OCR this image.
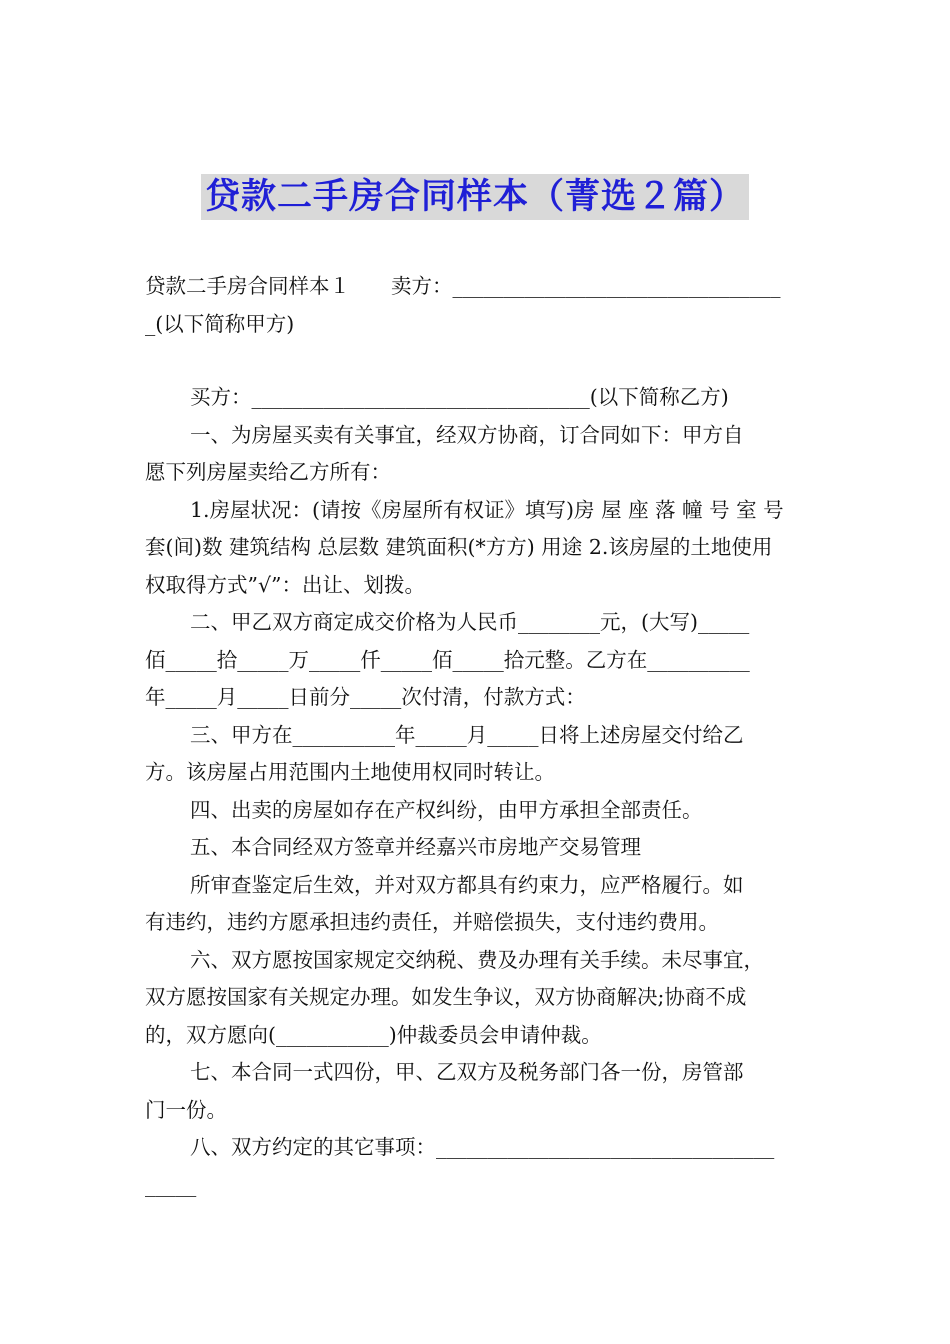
贷款二手房合同样本（菁选２篇）
贷款二手房合同样本１　　卖方：________________________________
_(以下简称甲方)
买方：_________________________________(以下简称乙方)
一、为房屋买卖有关事宜，经双方协商，订合同如下：甲方自
愿下列房屋卖给乙方所有：
1.房屋状况：(请按《房屋所有权证》填写)房 屋 座 落 幢 号 室 号
套(间)数 建筑结构 总层数 建筑面积(*方方) 用途 2.该房屋的土地使用
权取得方式”√”：出让、划拨。
二、甲乙双方商定成交价格为人民币________元，(大写)_____
佰_____拾_____万_____仟_____佰_____拾元整。乙方在__________
年_____月_____日前分_____次付清，付款方式：
三、甲方在__________年_____月_____日将上述房屋交付给乙
方。该房屋占用范围内土地使用权同时转让。
四、出卖的房屋如存在产权纠纷，由甲方承担全部责任。
五、本合同经双方签章并经嘉兴市房地产交易管理
所审查鉴定后生效，并对双方都具有约束力，应严格履行。如
有违约，违约方愿承担违约责任，并赔偿损失，支付违约费用。
六、双方愿按国家规定交纳税、费及办理有关手续。未尽事宜，
双方愿按国家有关规定办理。如发生争议，双方协商解决;协商不成
的，双方愿向(___________)仲裁委员会申请仲裁。
七、本合同一式四份，甲、乙双方及税务部门各一份，房管部
门一份。
八、双方约定的其它事项：_________________________________
_____
